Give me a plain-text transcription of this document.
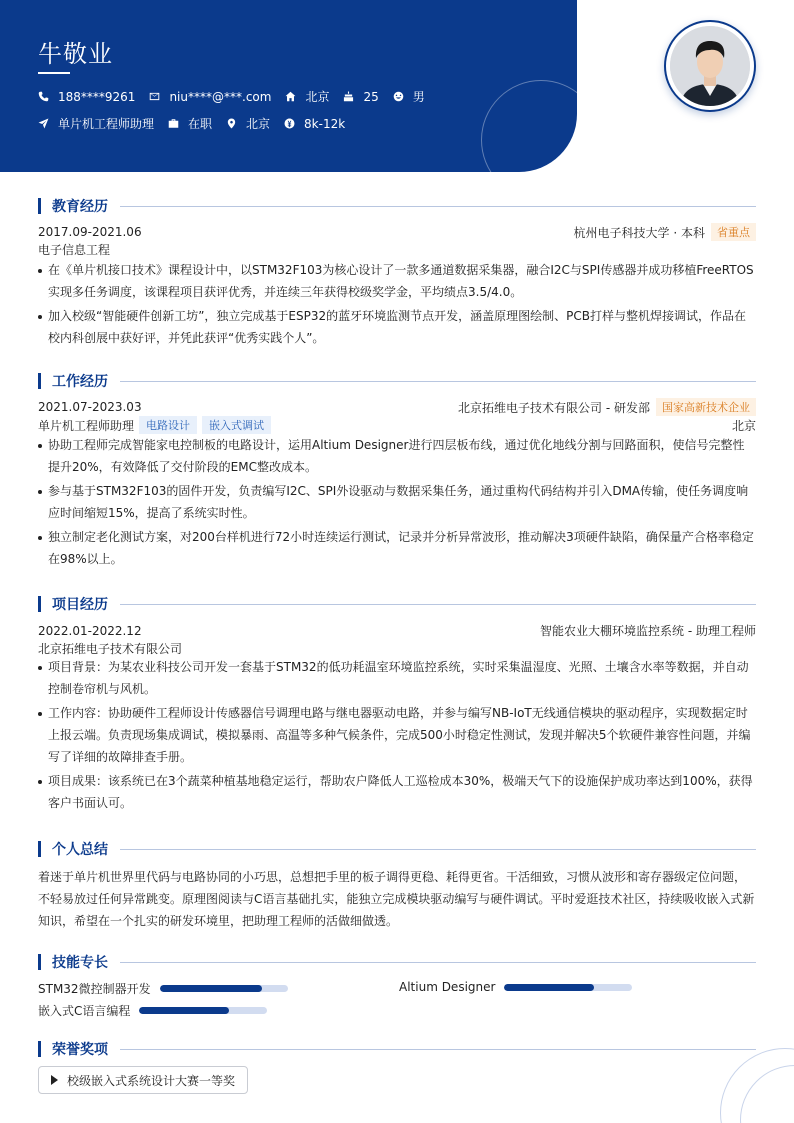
牛敬业
188****9261	niu****@***.com	北京	25	男
单片机工程师助理	在职	北京	8k-12k
教育经历
2017.09-2021.06	杭州电子科技大学 · 本科	省重点
电子信息工程
在《单片机接口技术》课程设计中，以STM32F103为核心设计了一款多通道数据采集器，融合I2C与SPI传感器并成功移植FreeRTOS实现多任务调度，该课程项目获评优秀，并连续三年获得校级奖学金，平均绩点3.5/4.0。
加入校级“智能硬件创新工坊”，独立完成基于ESP32的蓝牙环境监测节点开发，涵盖原理图绘制、PCB打样与整机焊接调试，作品在校内科创展中获好评，并凭此获评“优秀实践个人”。
工作经历
2021.07-2023.03	北京拓维电子技术有限公司 - 研发部	国家高新技术企业
单片机工程师助理	电路设计	嵌入式调试	北京
协助工程师完成智能家电控制板的电路设计，运用Altium Designer进行四层板布线，通过优化地线分割与回路面积，使信号完整性提升20%，有效降低了交付阶段的EMC整改成本。
参与基于STM32F103的固件开发，负责编写I2C、SPI外设驱动与数据采集任务，通过重构代码结构并引入DMA传输，使任务调度响应时间缩短15%，提高了系统实时性。
独立制定老化测试方案，对200台样机进行72小时连续运行测试，记录并分析异常波形，推动解决3项硬件缺陷，确保量产合格率稳定在98%以上。
项目经历
2022.01-2022.12	智能农业大棚环境监控系统 - 助理工程师
北京拓维电子技术有限公司
项目背景：为某农业科技公司开发一套基于STM32的低功耗温室环境监控系统，实时采集温湿度、光照、土壤含水率等数据，并自动控制卷帘机与风机。
工作内容：协助硬件工程师设计传感器信号调理电路与继电器驱动电路，并参与编写NB-IoT无线通信模块的驱动程序，实现数据定时上报云端。负责现场集成调试，模拟暴雨、高温等多种气候条件，完成500小时稳定性测试，发现并解决5个软硬件兼容性问题，并编写了详细的故障排查手册。
项目成果：该系统已在3个蔬菜种植基地稳定运行，帮助农户降低人工巡检成本30%，极端天气下的设施保护成功率达到100%，获得客户书面认可。
个人总结
着迷于单片机世界里代码与电路协同的小巧思，总想把手里的板子调得更稳、耗得更省。干活细致，习惯从波形和寄存器级定位问题，不轻易放过任何异常跳变。原理图阅读与C语言基础扎实，能独立完成模块驱动编写与硬件调试。平时爱逛技术社区，持续吸收嵌入式新知识，希望在一个扎实的研发环境里，把助理工程师的活做细做透。
技能专长
STM32微控制器开发	Altium Designer
嵌入式C语言编程
荣誉奖项
校级嵌入式系统设计大赛一等奖
